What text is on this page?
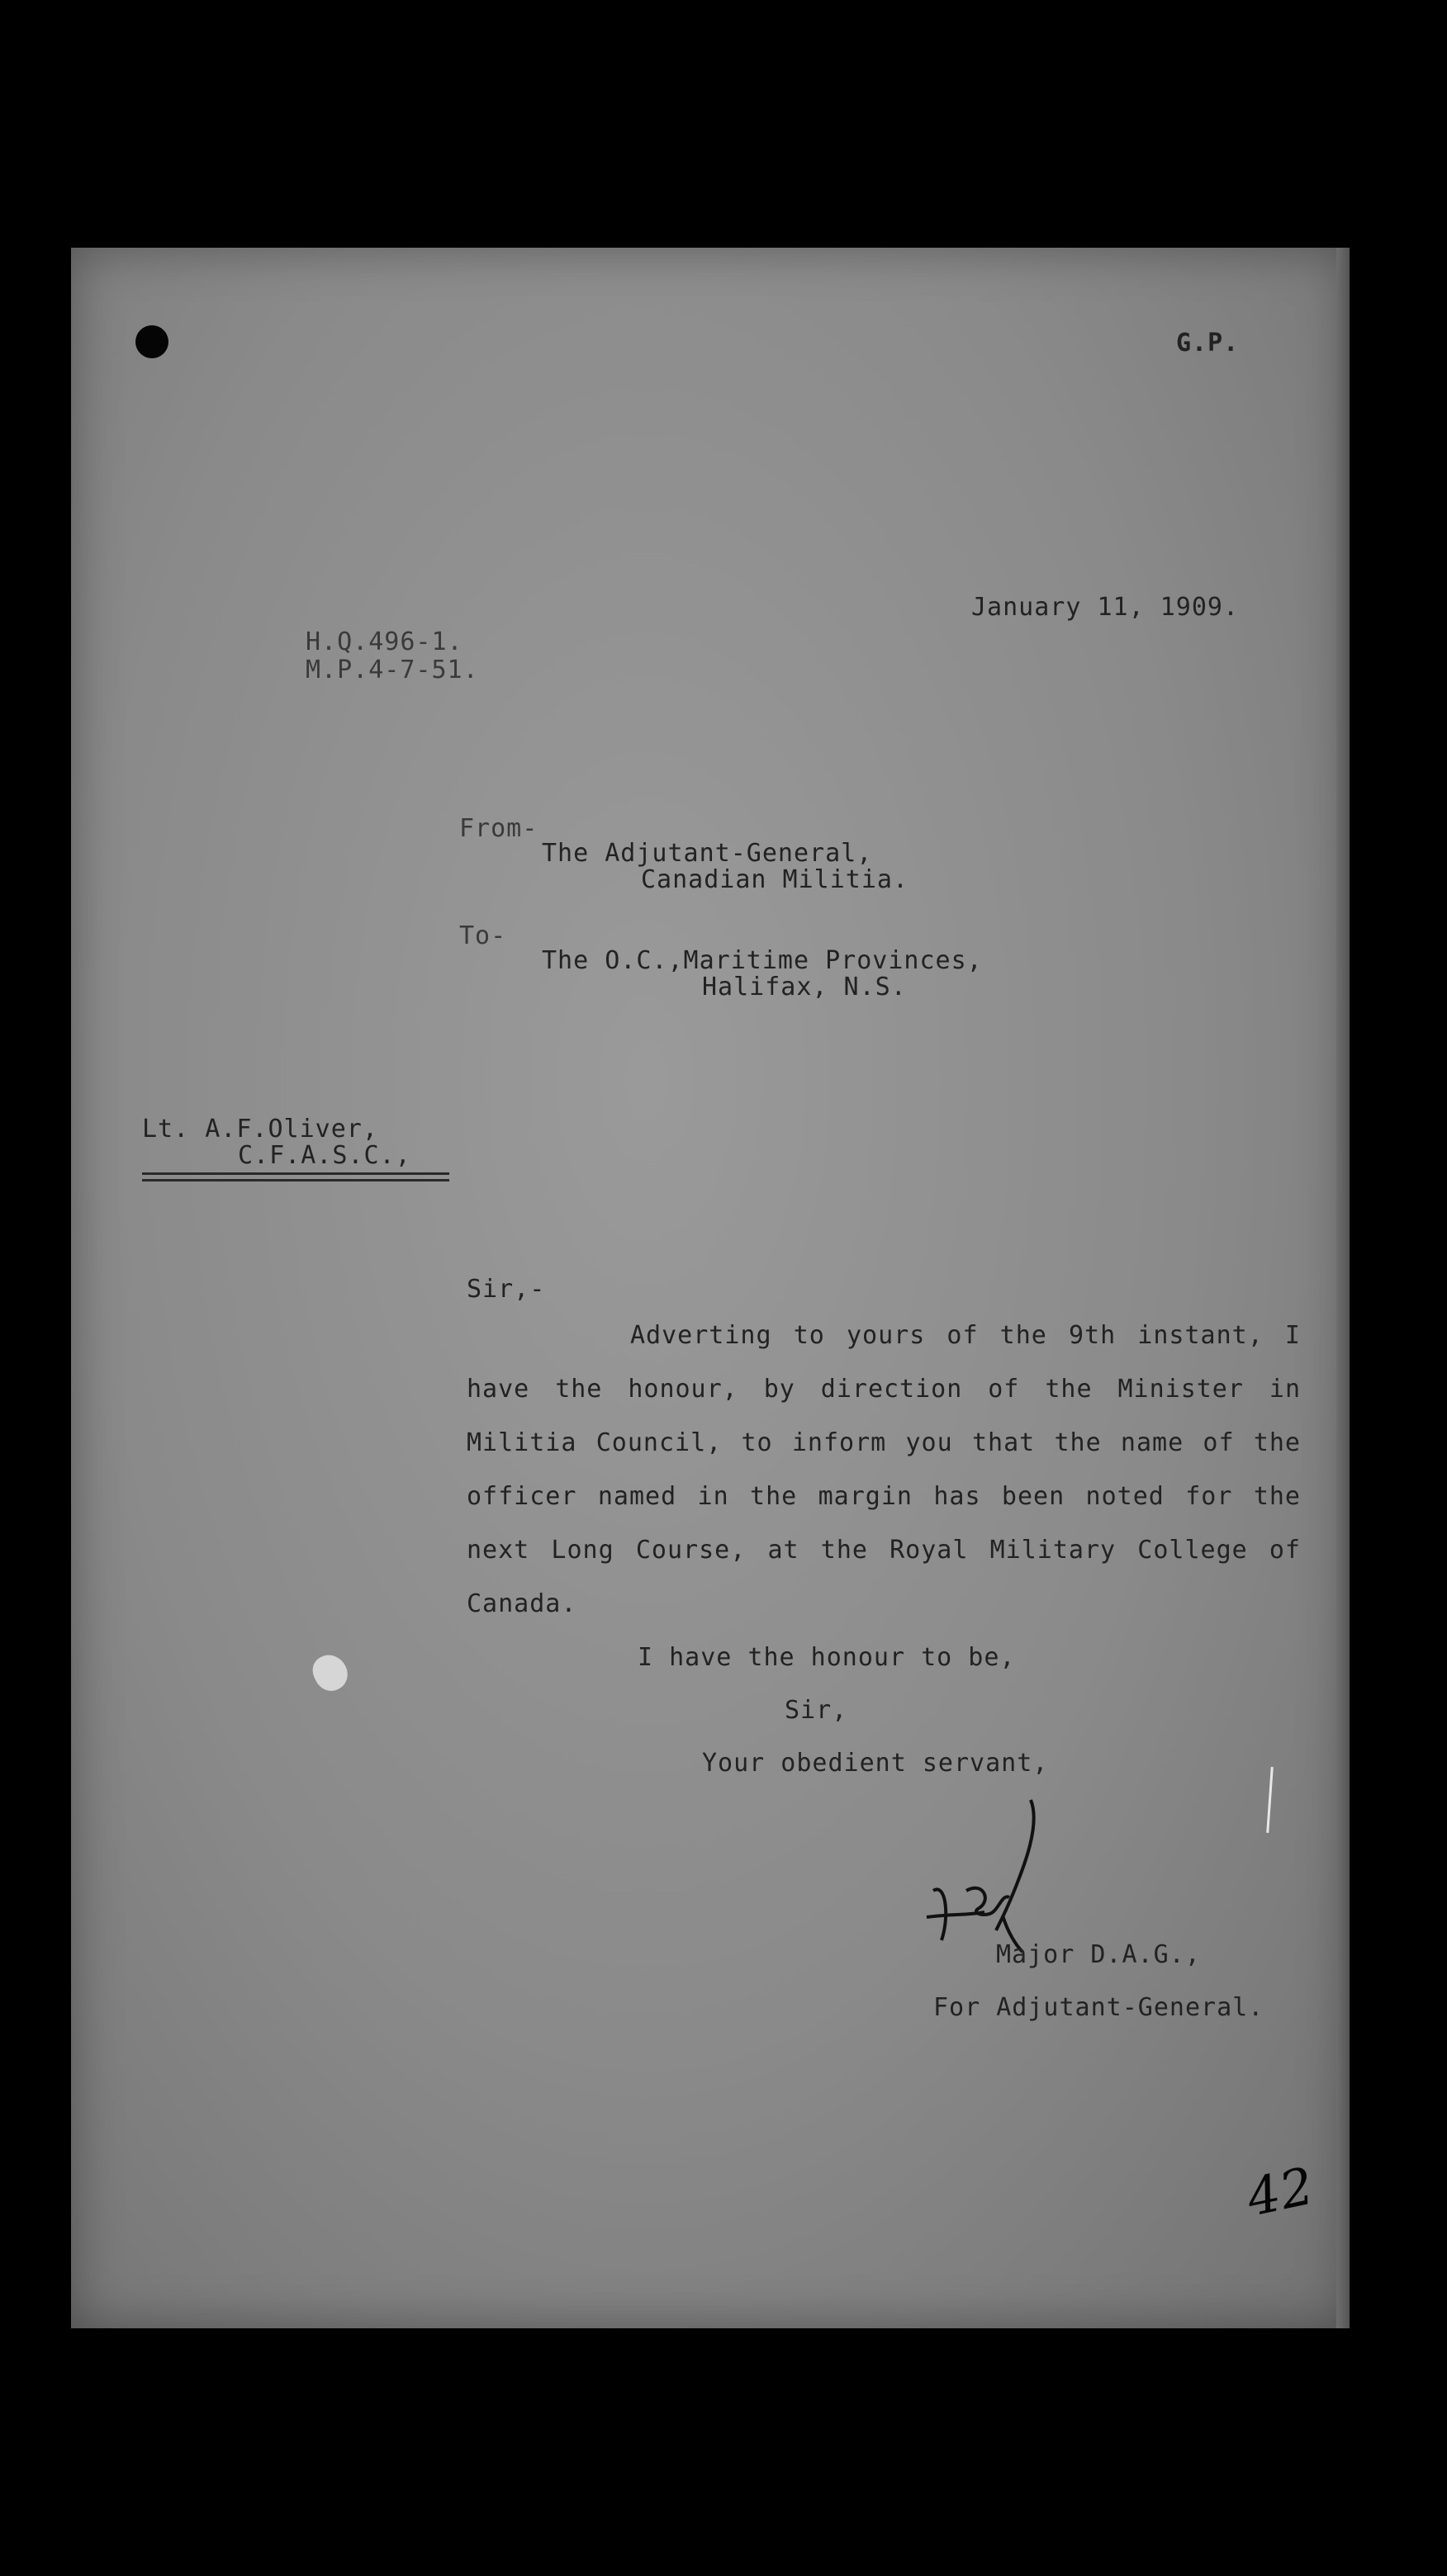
G.P.
January 11, 1909.
H.Q.496-1.
M.P.4-7-51.
From-
The Adjutant-General,
Canadian Militia.
To-
The O.C.,Maritime Provinces,
Halifax, N.S.
Lt. A.F.Oliver,
C.F.A.S.C.,
Sir,-
Adverting to yours of the 9th instant, I have the honour, by direction of the Minister in Militia Council, to inform you that the name of the officer named in the margin has been noted for the next Long Course, at the Royal Military College of Canada.
I have the honour to be,
Sir,
Your obedient servant,
Major D.A.G.,
For Adjutant-General.
42
